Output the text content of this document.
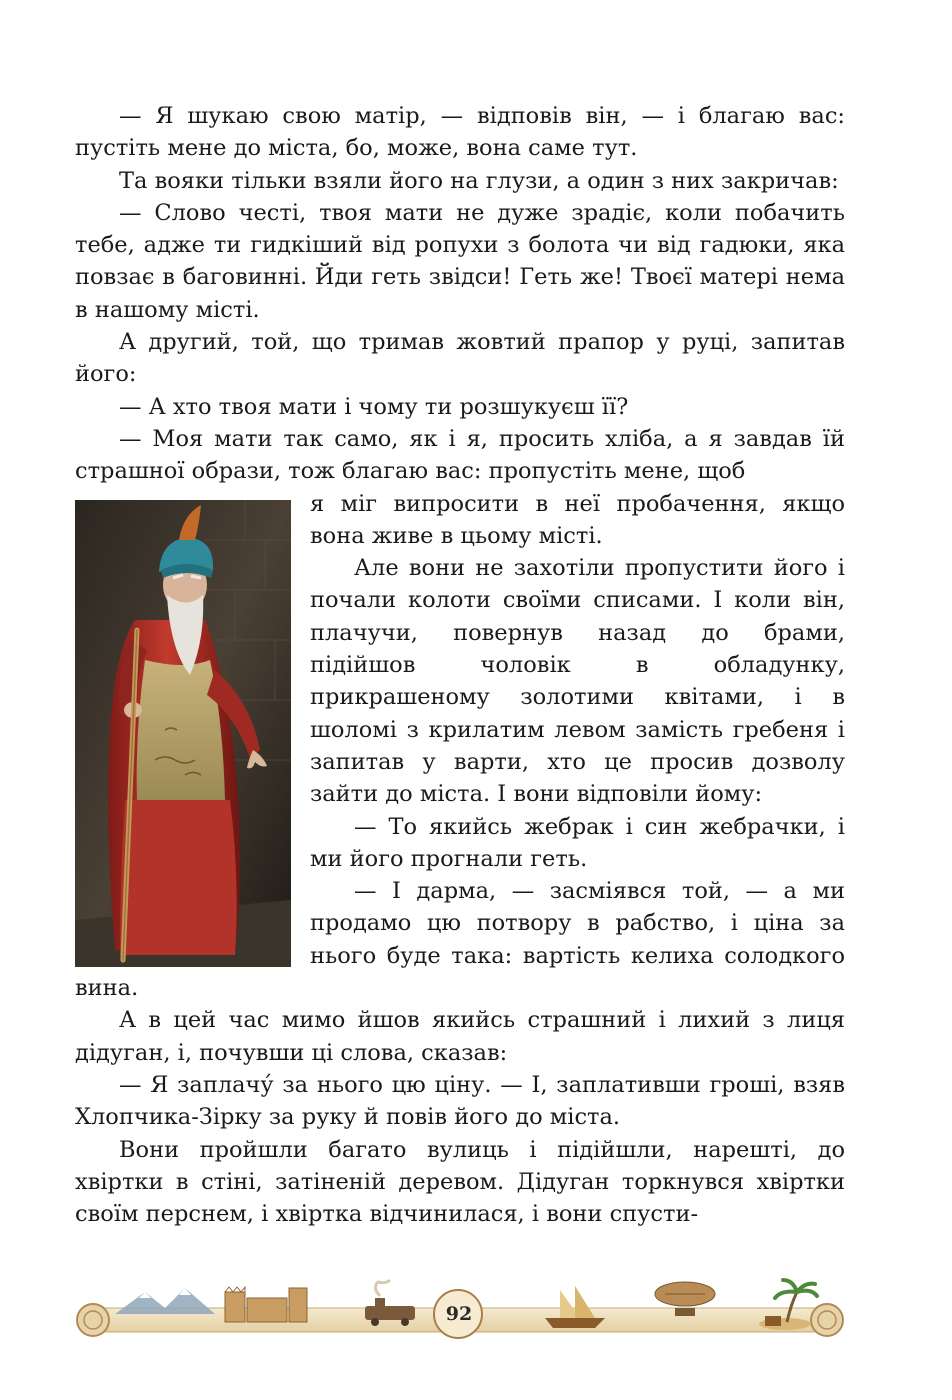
— Я шукаю свою матір, — відповів він, — і благаю вас: пустіть мене до міста, бо, може, вона саме тут.

Та вояки тільки взяли його на глузи, а один з них закричав:

— Слово честі, твоя мати не дуже зрадіє, коли побачить тебе, адже ти гидкіший від ропухи з болота чи від гадюки, яка повзає в баговинні. Йди геть звідси! Геть же! Твоєї матері нема в нашому місті.

А другий, той, що тримав жовтий прапор у руці, запитав його:

— А хто твоя мати і чому ти розшукуєш її?

— Моя мати так само, як і я, просить хліба, а я завдав їй страшної образи, тож благаю вас: пропустіть мене, щоб

я міг випросити в неї пробачення, якщо вона живе в цьому місті.

Але вони не захотіли пропустити його і почали колоти своїми списами. І коли він, плачучи, повернув назад до брами, підійшов чоловік в обладунку, прикрашеному золотими квітами, і в шоломі з крилатим левом замість гребеня і запитав у варти, хто це просив дозволу зайти до міста. І вони відповіли йому:

— То якийсь жебрак і син жебрачки, і ми його прогнали геть.

— І дарма, — засміявся той, — а ми продамо цю потвору в рабство, і ціна за нього буде така: вартість келиха солодкого вина.

А в цей час мимо йшов якийсь страшний і лихий з лиця дідуган, і, почувши ці слова, сказав:

— Я заплачу́ за нього цю ціну. — І, заплативши гроші, взяв Хлопчика-Зірку за руку й повів його до міста.

Вони пройшли багато вулиць і підійшли, нарешті, до хвіртки в стіні, затіненій деревом. Дідуган торкнувся хвіртки своїм перснем, і хвіртка відчинилася, і вони спусти-

92
